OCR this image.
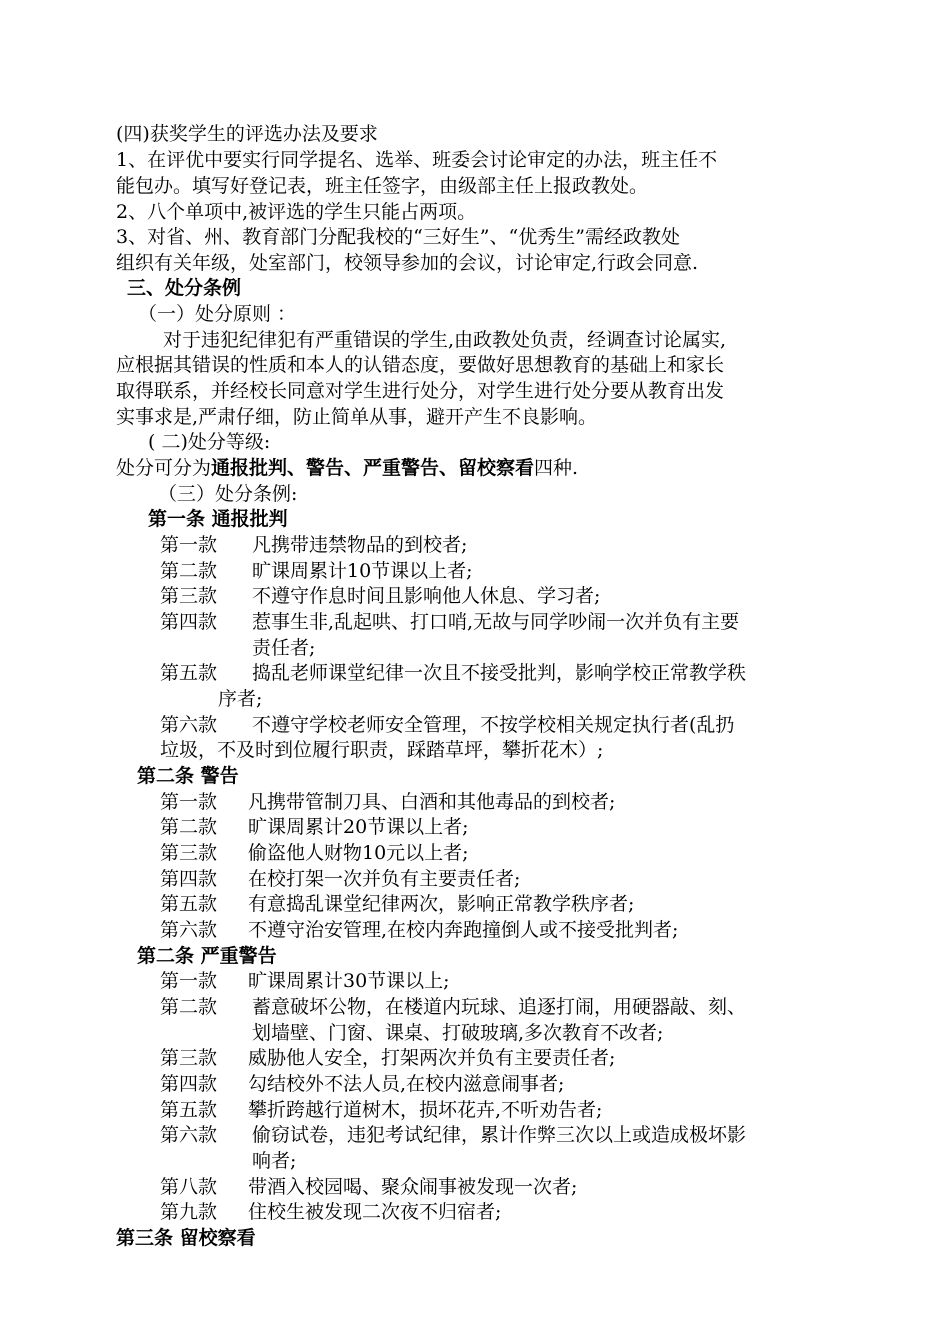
(四)获奖学生的评选办法及要求
1、在评优中要实行同学提名、选举、班委会讨论审定的办法，班主任不
能包办。填写好登记表，班主任签字，由级部主任上报政教处。
2、八个单项中,被评选的学生只能占两项。
3、对省、州、教育部门分配我校的“三好生”、“优秀生”需经政教处
组织有关年级，处室部门，校领导参加的会议，讨论审定,行政会同意.
三、处分条例
（一）处分原则 ：
对于违犯纪律犯有严重错误的学生,由政教处负责，经调查讨论属实,
应根据其错误的性质和本人的认错态度，要做好思想教育的基础上和家长
取得联系，并经校长同意对学生进行处分，对学生进行处分要从教育出发
实事求是,严肃仔细，防止简单从事，避开产生不良影响。
( 二)处分等级:
处分可分为通报批判、警告、严重警告、留校察看四种.
（三）处分条例:
第一条 通报批判
第一款 凡携带违禁物品的到校者;
第二款 旷课周累计10节课以上者;
第三款 不遵守作息时间且影响他人休息、学习者;
第四款 惹事生非,乱起哄、打口哨,无故与同学吵闹一次并负有主要
责任者;
第五款 捣乱老师课堂纪律一次且不接受批判，影响学校正常教学秩
序者;
第六款 不遵守学校老师安全管理，不按学校相关规定执行者(乱扔
垃圾，不及时到位履行职责，踩踏草坪，攀折花木）;
第二条 警告
第一款 凡携带管制刀具、白酒和其他毒品的到校者;
第二款 旷课周累计20节课以上者;
第三款 偷盗他人财物10元以上者;
第四款 在校打架一次并负有主要责任者;
第五款 有意捣乱课堂纪律两次，影响正常教学秩序者;
第六款 不遵守治安管理,在校内奔跑撞倒人或不接受批判者;
第二条 严重警告
第一款 旷课周累计30节课以上;
第二款 蓄意破坏公物，在楼道内玩球、追逐打闹，用硬器敲、刻、
划墙壁、门窗、课桌、打破玻璃,多次教育不改者;
第三款 威胁他人安全，打架两次并负有主要责任者;
第四款 勾结校外不法人员,在校内滋意闹事者;
第五款 攀折跨越行道树木，损坏花卉,不听劝告者;
第六款 偷窃试卷，违犯考试纪律，累计作弊三次以上或造成极坏影
响者;
第八款 带酒入校园喝、聚众闹事被发现一次者;
第九款 住校生被发现二次夜不归宿者;
第三条 留校察看
